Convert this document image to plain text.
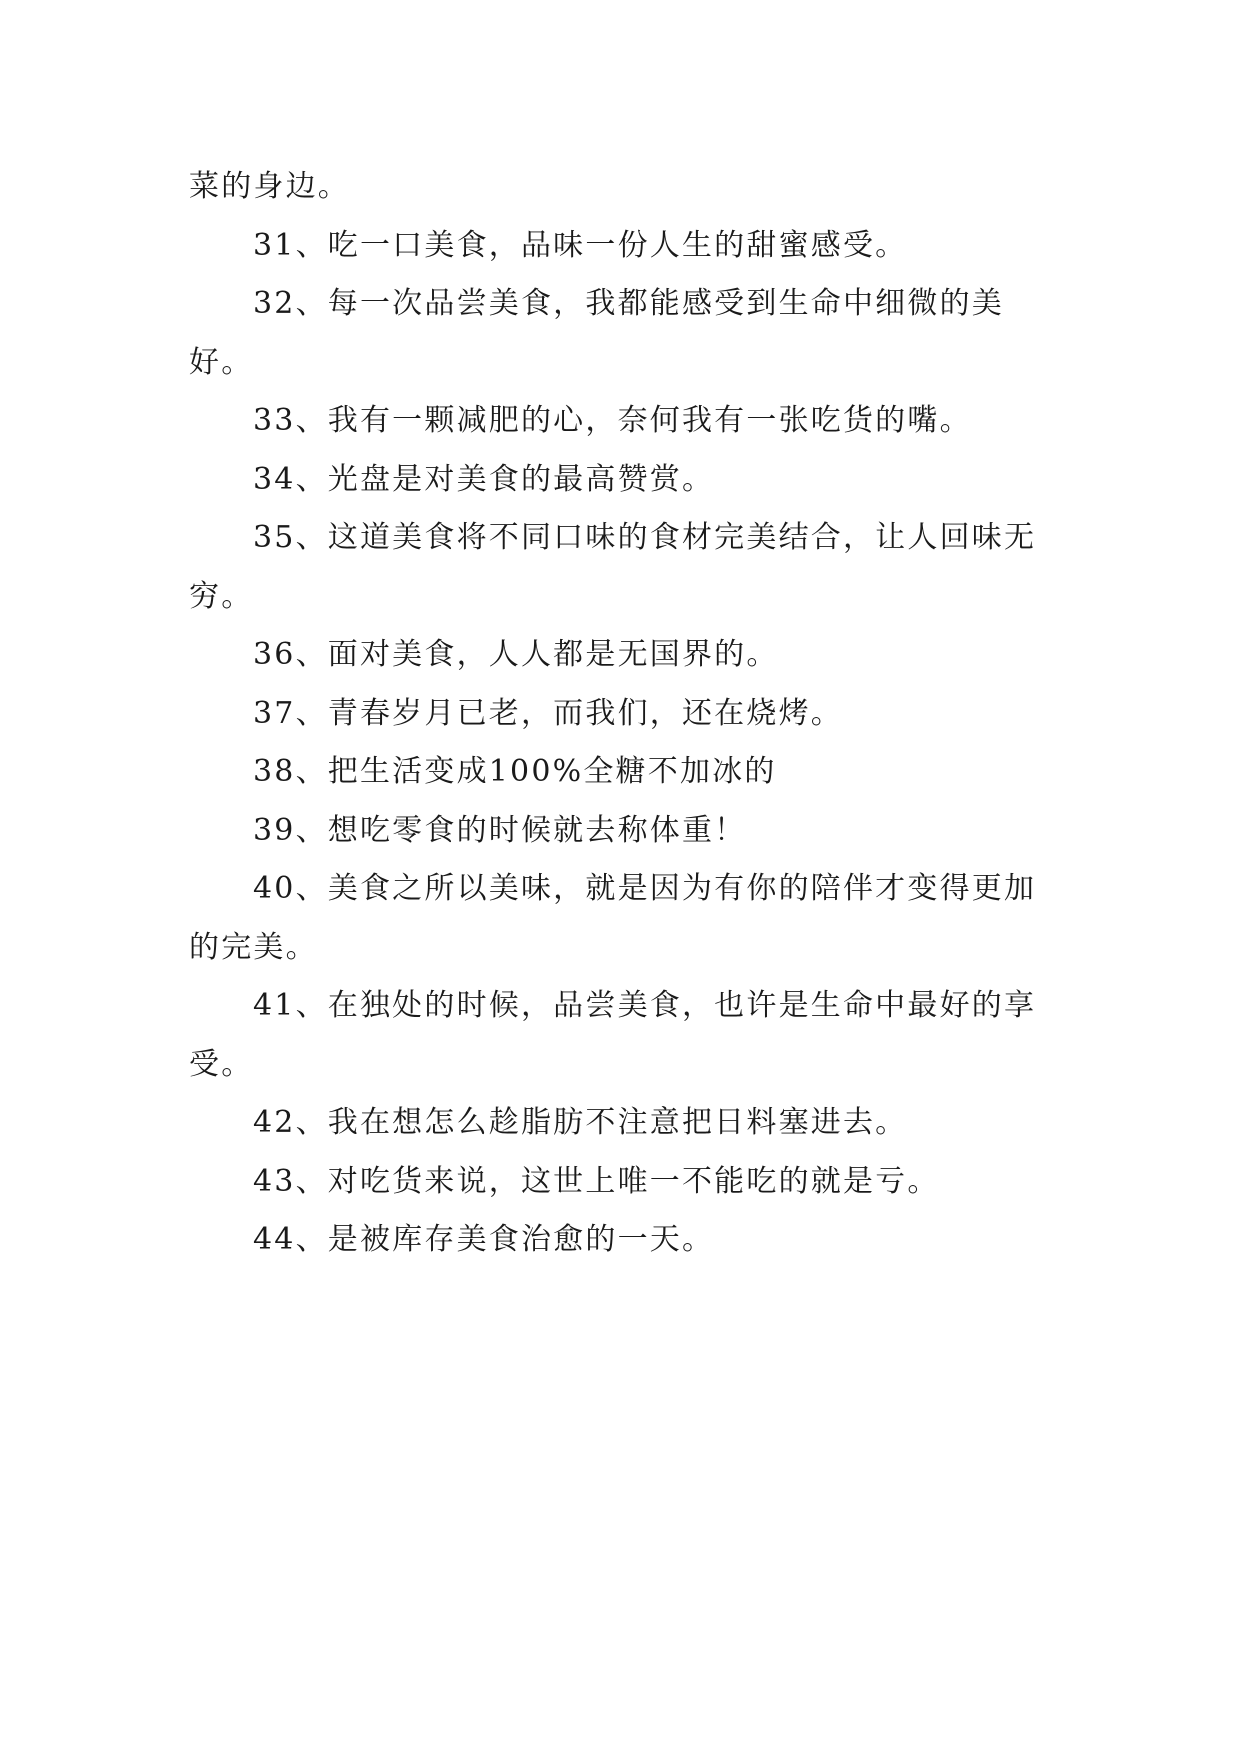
菜的身边。

31、吃一口美食，品味一份人生的甜蜜感受。

32、每一次品尝美食，我都能感受到生命中细微的美好。

33、我有一颗减肥的心，奈何我有一张吃货的嘴。

34、光盘是对美食的最高赞赏。

35、这道美食将不同口味的食材完美结合，让人回味无穷。

36、面对美食，人人都是无国界的。

37、青春岁月已老，而我们，还在烧烤。

38、把生活变成100%全糖不加冰的

39、想吃零食的时候就去称体重！

40、美食之所以美味，就是因为有你的陪伴才变得更加的完美。

41、在独处的时候，品尝美食，也许是生命中最好的享受。

42、我在想怎么趁脂肪不注意把日料塞进去。

43、对吃货来说，这世上唯一不能吃的就是亏。

44、是被库存美食治愈的一天。
